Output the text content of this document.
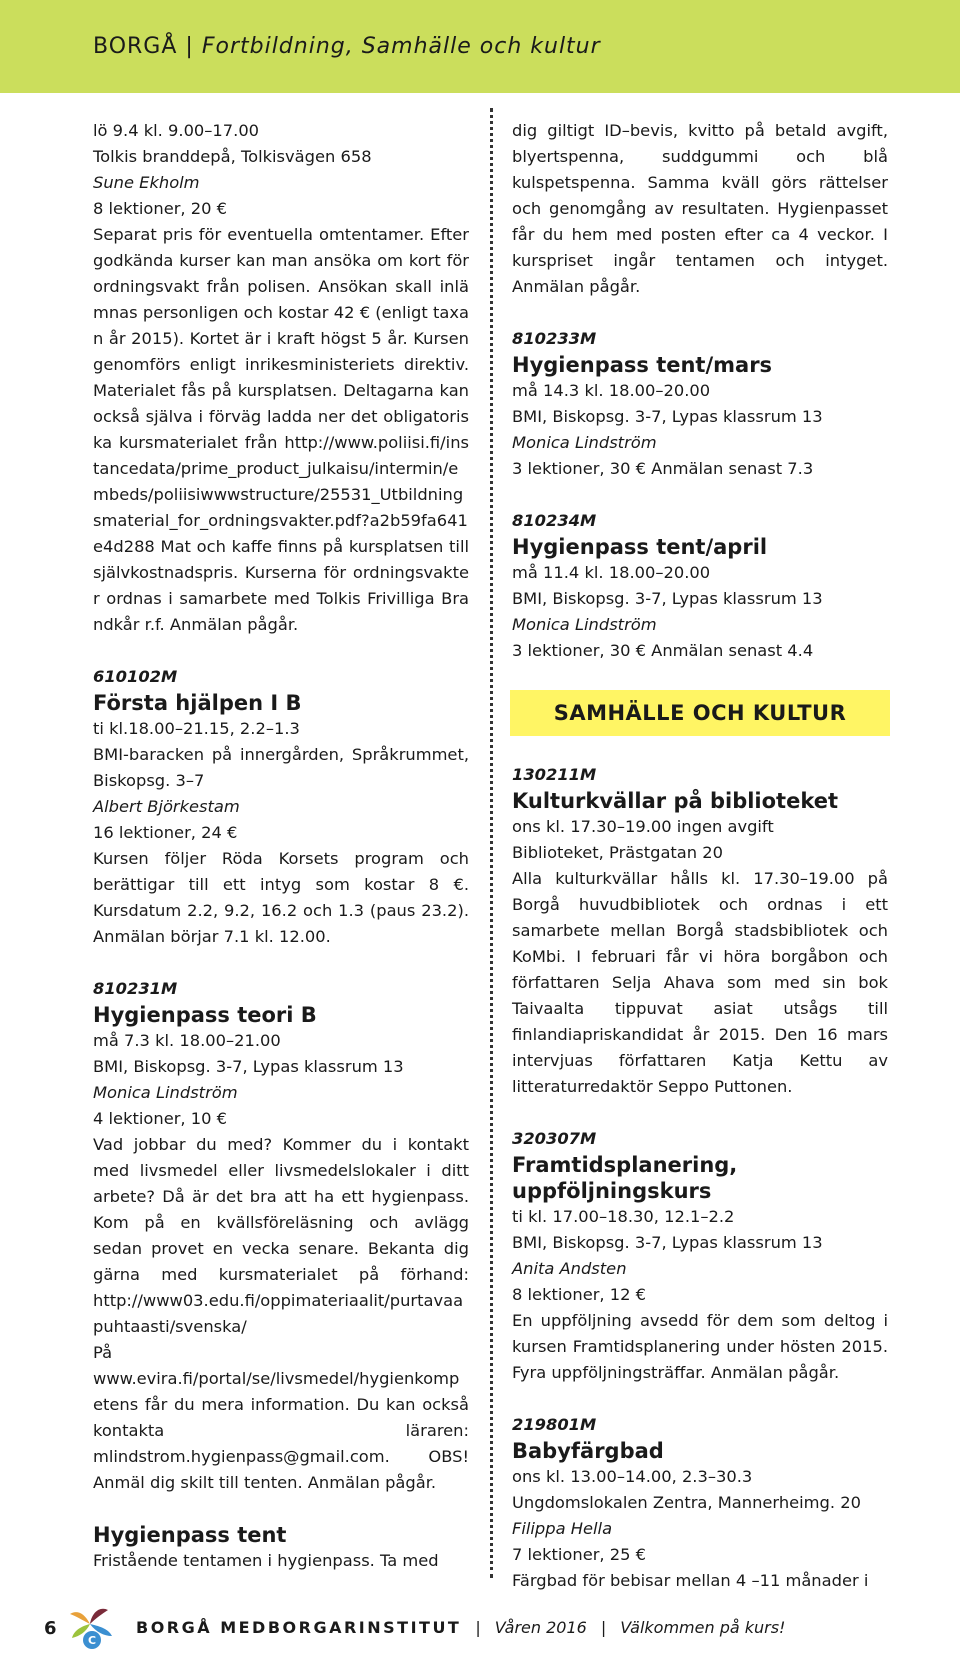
BORGÅ | Fortbildning, Samhälle och kultur

lö 9.4 kl. 9.00–17.00

Tolkis branddepå, Tolkisvägen 658

Sune Ekholm

8 lektioner, 20 €

Separat pris för eventuella omtentamer. Efter godkända kurser kan man ansöka om kort för ordningsvakt från polisen. Ansökan skall inlämnas personligen och kostar 42 € (enligt taxan år 2015). Kortet är i kraft högst 5 år. Kursen genomförs enligt inrikesministeriets direktiv. Materialet fås på kursplatsen. Deltagarna kan också själva i förväg ladda ner det obligatoriska kursmaterialet från http://www.poliisi.fi/instancedata/prime_product_julkaisu/intermin/embeds/poliisiwwwstructure/25531_Utbildningsmaterial_for_ordningsvakter.pdf?a2b59fa641e4d288 Mat och kaffe finns på kursplatsen till självkostnadspris. Kurserna för ordningsvakter ordnas i samarbete med Tolkis Frivilliga Brandkår r.f. Anmälan pågår.

610102M

Första hjälpen I B

ti kl.18.00–21.15, 2.2–1.3

BMI-baracken på innergården, Språkrummet, Biskopsg. 3–7

Albert Björkestam

16 lektioner, 24 €

Kursen följer Röda Korsets program och berättigar till ett intyg som kostar 8 €. Kursdatum 2.2, 9.2, 16.2 och 1.3 (paus 23.2). Anmälan börjar 7.1 kl. 12.00.

810231M

Hygienpass teori B

må 7.3 kl. 18.00–21.00

BMI, Biskopsg. 3-7, Lypas klassrum 13

Monica Lindström

4 lektioner, 10 €

Vad jobbar du med? Kommer du i kontakt med livsmedel eller livsmedelslokaler i ditt arbete? Då är det bra att ha ett hygienpass. Kom på en kvällsföreläsning och avlägg sedan provet en vecka senare. Bekanta dig gärna med kursmaterialet på förhand: http://www03.edu.fi/oppimateriaalit/purtavaapuhtaasti/svenska/

På www.evira.fi/portal/se/livsmedel/hygienkompetens får du mera information. Du kan också kontakta läraren: mlindstrom.hygienpass@gmail.com. OBS! Anmäl dig skilt till tenten. Anmälan pågår.

Hygienpass tent

Fristående tentamen i hygienpass. Ta med

dig giltigt ID–bevis, kvitto på betald avgift, blyertspenna, suddgummi och blå kulspetspenna. Samma kväll görs rättelser och genomgång av resultaten. Hygienpasset får du hem med posten efter ca 4 veckor. I kurspriset ingår tentamen och intyget. Anmälan pågår.

810233M

Hygienpass tent/mars

må 14.3 kl. 18.00–20.00

BMI, Biskopsg. 3-7, Lypas klassrum 13

Monica Lindström

3 lektioner, 30 € Anmälan senast 7.3

810234M

Hygienpass tent/april

må 11.4 kl. 18.00–20.00

BMI, Biskopsg. 3-7, Lypas klassrum 13

Monica Lindström

3 lektioner, 30 € Anmälan senast 4.4

SAMHÄLLE OCH KULTUR

130211M

Kulturkvällar på biblioteket

ons kl. 17.30–19.00 ingen avgift

Biblioteket, Prästgatan 20

Alla kulturkvällar hålls kl. 17.30–19.00 på Borgå huvudbibliotek och ordnas i ett samarbete mellan Borgå stadsbibliotek och KoMbi. I februari får vi höra borgåbon och författaren Selja Ahava som med sin bok Taivaalta tippuvat asiat utsågs till finlandiapriskandidat år 2015. Den 16 mars intervjuas författaren Katja Kettu av litteraturredaktör Seppo Puttonen.

320307M

Framtidsplanering,

uppföljningskurs

ti kl. 17.00–18.30, 12.1–2.2

BMI, Biskopsg. 3-7, Lypas klassrum 13

Anita Andsten

8 lektioner, 12 €

En uppföljning avsedd för dem som deltog i kursen Framtidsplanering under hösten 2015. Fyra uppföljningsträffar. Anmälan pågår.

219801M

Babyfärgbad

ons kl. 13.00–14.00, 2.3–30.3

Ungdomslokalen Zentra, Mannerheimg. 20

Filippa Hella

7 lektioner, 25 €

Färgbad för bebisar mellan 4 –11 månader i

6
C
BORGÅ MEDBORGARINSTITUT | Våren 2016 | Välkommen på kurs!
